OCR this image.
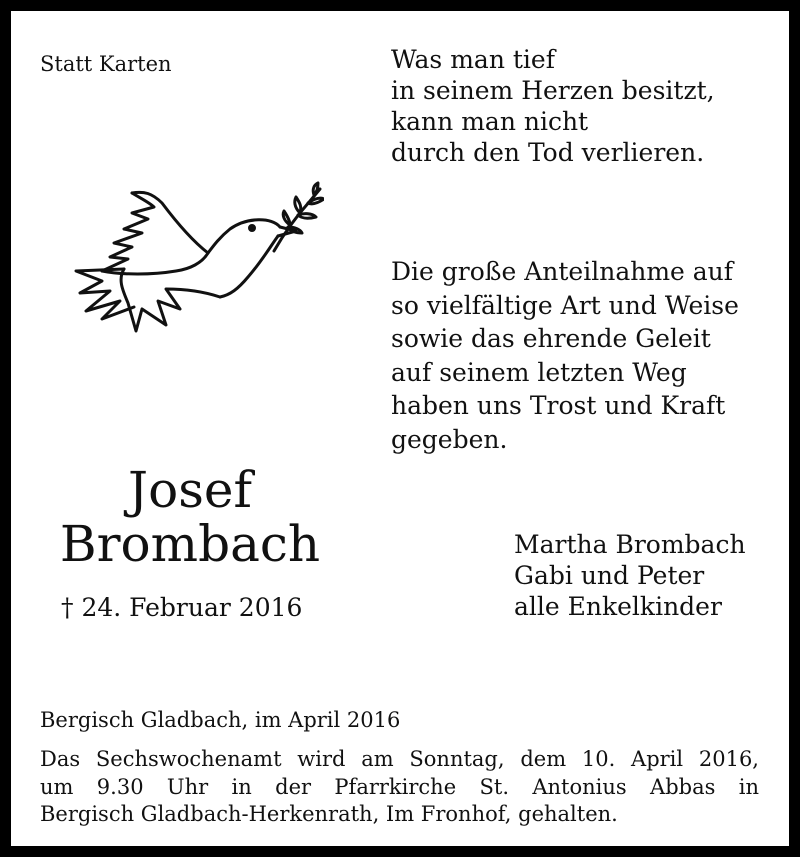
Statt Karten	Was man tief
in seinem Herzen besitzt,
kann man nicht
durch den Tod verlieren.
Die große Anteilnahme auf
so vielfältige Art und Weise
sowie das ehrende Geleit
auf seinem letzten Weg
haben uns Trost und Kraft
gegeben.
Josef
Brombach
† 24. Februar 2016
Martha Brombach
Gabi und Peter
alle Enkelkinder
Bergisch Gladbach, im April 2016
Das Sechswochenamt wird am Sonntag, dem 10. April 2016,
um 9.30 Uhr in der Pfarrkirche St. Antonius Abbas in
Bergisch Gladbach-Herkenrath, Im Fronhof, gehalten.
